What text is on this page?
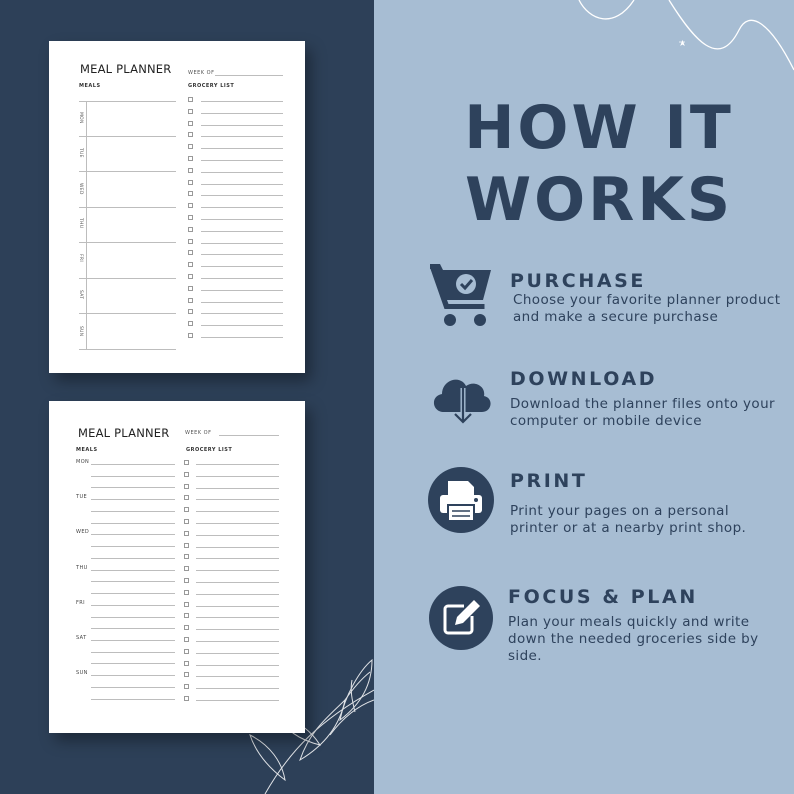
MEAL PLANNER	WEEK OF
MEALS	GROCERY LIST
MON
TUE
WED
THU
FRI
SAT
SUN
MEAL PLANNER	WEEK OF
MEALS	GROCERY LIST
MON
TUE
WED
THU
FRI
SAT
SUN
HOW IT
WORKS
PURCHASE
Choose your favorite planner product and make a secure purchase
DOWNLOAD
Download the planner files onto your computer or mobile device
PRINT
Print your pages on a personal printer or at a nearby print shop.
FOCUS & PLAN
Plan your meals quickly and write down the needed groceries side by side.
